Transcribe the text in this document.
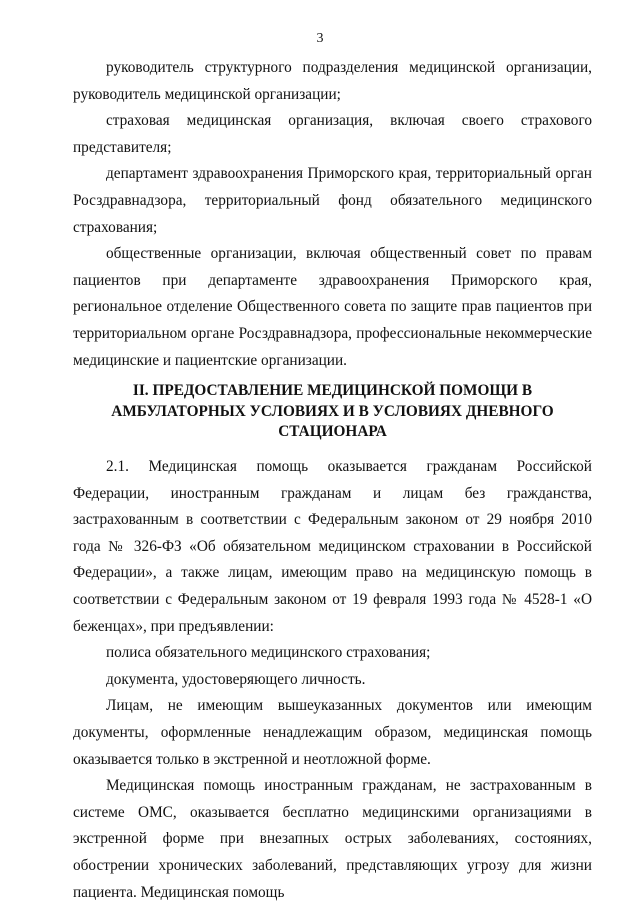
3

руководитель структурного подразделения медицинской организации, руководитель медицинской организации;

страховая медицинская организация, включая своего страхового представителя;

департамент здравоохранения Приморского края, территориальный орган Росздравнадзора, территориальный фонд обязательного медицинского страхования;

общественные организации, включая общественный совет по правам пациентов при департаменте здравоохранения Приморского края, региональное отделение Общественного совета по защите прав пациентов при территориальном органе Росздравнадзора, профессиональные некоммерческие медицинские и пациентские организации.

II. ПРЕДОСТАВЛЕНИЕ МЕДИЦИНСКОЙ ПОМОЩИ В
АМБУЛАТОРНЫХ УСЛОВИЯХ И В УСЛОВИЯХ ДНЕВНОГО
СТАЦИОНАРА

2.1. Медицинская помощь оказывается гражданам Российской Федерации, иностранным гражданам и лицам без гражданства, застрахованным в соответствии с Федеральным законом от 29 ноября 2010 года № 326-ФЗ «Об обязательном медицинском страховании в Российской Федерации», а также лицам, имеющим право на медицинскую помощь в соответствии с Федеральным законом от 19 февраля 1993 года № 4528-1 «О беженцах», при предъявлении:

полиса обязательного медицинского страхования;

документа, удостоверяющего личность.

Лицам, не имеющим вышеуказанных документов или имеющим документы, оформленные ненадлежащим образом, медицинская помощь оказывается только в экстренной и неотложной форме.

Медицинская помощь иностранным гражданам, не застрахованным в системе ОМС, оказывается бесплатно медицинскими организациями в экстренной форме при внезапных острых заболеваниях, состояниях, обострении хронических заболеваний, представляющих угрозу для жизни пациента. Медицинская помощь
